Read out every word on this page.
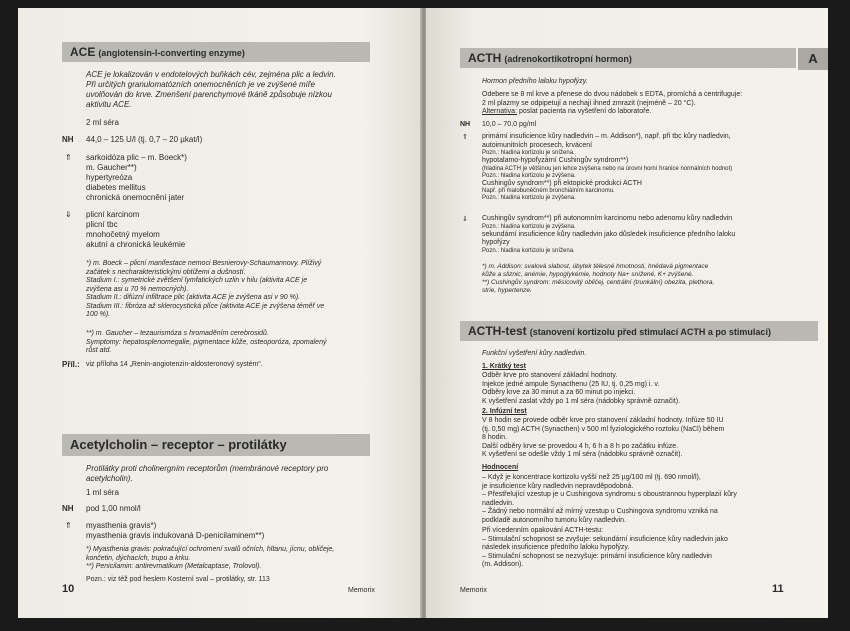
ACE (angiotensin-I-converting enzyme)
ACE je lokalizován v endotelových buňkách cév, zejména plic a ledvin.
Při určitých granulomatózních onemocněních je ve zvýšené míře
uvolňován do krve. Zmenšení parenchymové tkáně způsobuje nízkou
aktivitu ACE.
2 ml séra
NH 44,0 – 125 U/l (tj. 0,7 – 20 µkat/l)
⇑ sarkoidóza plic – m. Boeck*)
m. Gaucher**)
hypertyreóza
diabetes mellitus
chronická onemocnění jater
⇓ plicní karcinom
plicní tbc
mnohočetný myelom
akutní a chronická leukémie
*) m. Boeck – plicní manifestace nemoci Besnierovy-Schaumannovy. Plíživý
začátek s necharakteristickými obtížemi a dušností.
Stadium I.: symetrické zvětšení lymfatických uzlin v hilu (aktivita ACE je
zvýšena asi u 70 % nemocných).
Stadium II.: difúzní infiltrace plic (aktivita ACE je zvýšena asi v 90 %).
Stadium III.: fibróza až sklerocystická plíce (aktivita ACE je zvýšena téměř ve
100 %).
**) m. Gaucher – tezaurismóza s hromaděním cerebrosidů.
Symptomy: hepatosplenomegalie, pigmentace kůže, osteoporóza, zpomalený
růst atd.
Příl.: viz příloha 14 „Renin-angiotenzin-aldosteronový systém“.
Acetylcholin – receptor – protilátky
Protilátky proti cholinergním receptorům (membránové receptory pro
acetylcholin).
1 ml séra
NH pod 1,00 nmol/l
⇑ myasthenia gravis*)
myasthenia gravis indukovaná D-penicilaminem**)
*) Myasthenia gravis: pokračující ochromení svalů očních, hltanu, jícnu, obličeje,
končetin, dýchacích, trupu a krku.
**) Penicilamin: antirevmatikum (Metalcaptase, Trolovol).
Pozn.: viz též pod heslem Kosterní sval – protilátky, str. 113
10	Memorix
A
ACTH (adrenokortikotropní hormon)
Hormon předního laloku hypofýzy.
Odebere se 8 ml krve a přenese do dvou nádobek s EDTA, promíchá a centrifuguje:
2 ml plazmy se odpipetují a nechají ihned zmrazit (nejméně – 20 °C).
Alternativa: poslat pacienta na vyšetření do laboratoře.
NH 10,0 – 70,0 pg/ml
⇑ primární insuficience kůry nadledvin – m. Addison*), např. při tbc kůry nadledvin,
autoimunitních procesech, krvácení
Pozn.: hladina kortizolu je snížena.
hypotalamo-hypofyzární Cushingův syndrom**)
(hladina ACTH je většinou jen lehce zvýšena nebo na úrovni horní hranice normálních hodnot)
Pozn.: hladina kortizolu je zvýšena.
Cushingův syndrom**) při ektopické produkci ACTH
Např. při malobuněčném bronchiálním karcinomu.
Pozn.: hladina kortizolu je zvýšena.
⇓ Cushingův syndrom**) při autonomním karcinomu nebo adenomu kůry nadledvin
Pozn.: hladina kortizolu je zvýšena.
sekundární insuficience kůry nadledvin jako důsledek insuficience předního laloku
hypofýzy
Pozn.: hladina kortizolu je snížena.
*) m. Addison: svalová slabost, úbytek tělesné hmotnosti, hnědavá pigmentace
kůže a sliznic, anémie, hypoglykémie, hodnoty Na+ snížené, K+ zvýšené.
**) Cushingův syndrom: měsícovitý obličej, centrální (trunkální) obezita, plethora,
strie, hypertenze.
ACTH-test (stanovení kortizolu před stimulací ACTH a po stimulaci)
Funkční vyšetření kůry nadledvin.
1. Krátký test
Odběr krve pro stanovení základní hodnoty.
Injekce jedné ampule Synacthenu (25 IU, tj. 0,25 mg) i. v.
Odběry krve za 30 minut a za 60 minut po injekci.
K vyšetření zaslat vždy po 1 ml séra (nádobky správně označit).
2. Infúzní test
V 8 hodin se provede odběr krve pro stanovení základní hodnoty. Infúze 50 IU
(tj. 0,50 mg) ACTH (Synacthen) v 500 ml fyziologického roztoku (NaCl) během
8 hodin.
Další odběry krve se provedou 4 h, 6 h a 8 h po začátku infúze.
K vyšetření se odešle vždy 1 ml séra (nádobku správně označit).
Hodnocení
– Když je koncentrace kortizolu vyšší než 25 µg/100 ml (tj. 690 nmol/l),
je insuficience kůry nadledvin nepravděpodobná.
– Přestřelující vzestup je u Cushingova syndromu s oboustrannou hyperplazií kůry
nadledvin.
– Žádný nebo normální až mírný vzestup u Cushingova syndromu vzniká na
podkladě autonomního tumoru kůry nadledvin.
Při vícedenním opakování ACTH-testu:
– Stimulační schopnost se zvyšuje: sekundární insuficience kůry nadledvin jako
následek insuficience předního laloku hypofýzy.
– Stimulační schopnost se nezvyšuje: primární insuficience kůry nadledvin
(m. Addison).
Memorix	11
